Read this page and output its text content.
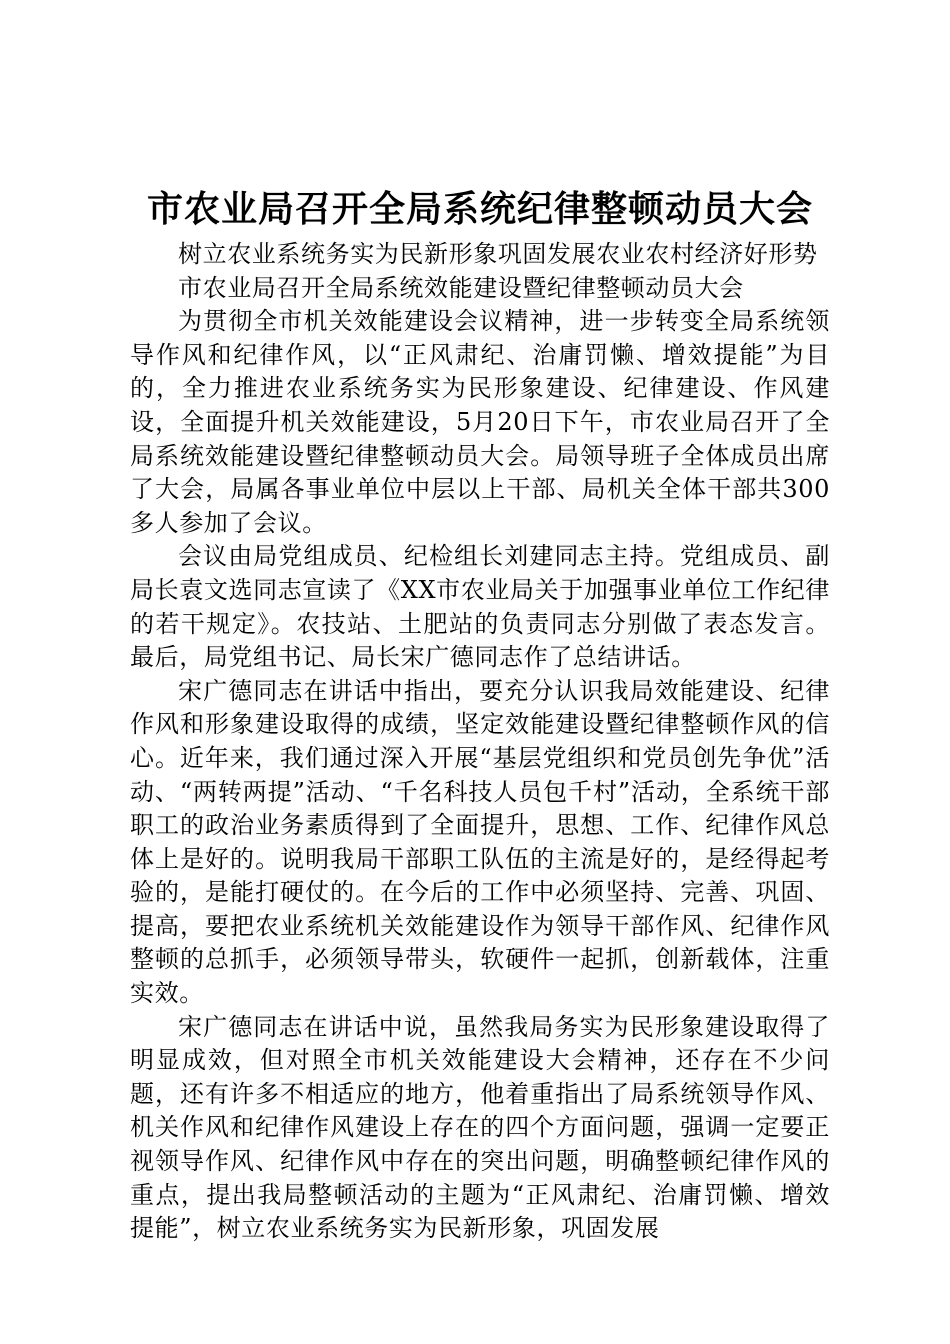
市农业局召开全局系统纪律整顿动员大会

树立农业系统务实为民新形象巩固发展农业农村经济好形势

市农业局召开全局系统效能建设暨纪律整顿动员大会

为贯彻全市机关效能建设会议精神，进一步转变全局系统领导作风和纪律作风，以“正风肃纪、治庸罚懒、增效提能”为目的，全力推进农业系统务实为民形象建设、纪律建设、作风建设，全面提升机关效能建设，5月20日下午，市农业局召开了全局系统效能建设暨纪律整顿动员大会。局领导班子全体成员出席了大会，局属各事业单位中层以上干部、局机关全体干部共300多人参加了会议。

会议由局党组成员、纪检组长刘建同志主持。党组成员、副局长袁文选同志宣读了《XX市农业局关于加强事业单位工作纪律的若干规定》。农技站、土肥站的负责同志分别做了表态发言。最后，局党组书记、局长宋广德同志作了总结讲话。

宋广德同志在讲话中指出，要充分认识我局效能建设、纪律作风和形象建设取得的成绩，坚定效能建设暨纪律整顿作风的信心。近年来，我们通过深入开展“基层党组织和党员创先争优”活动、“两转两提”活动、“千名科技人员包千村”活动，全系统干部职工的政治业务素质得到了全面提升，思想、工作、纪律作风总体上是好的。说明我局干部职工队伍的主流是好的，是经得起考验的，是能打硬仗的。在今后的工作中必须坚持、完善、巩固、提高，要把农业系统机关效能建设作为领导干部作风、纪律作风整顿的总抓手，必须领导带头，软硬件一起抓，创新载体，注重实效。

宋广德同志在讲话中说，虽然我局务实为民形象建设取得了明显成效，但对照全市机关效能建设大会精神，还存在不少问题，还有许多不相适应的地方，他着重指出了局系统领导作风、机关作风和纪律作风建设上存在的四个方面问题，强调一定要正视领导作风、纪律作风中存在的突出问题，明确整顿纪律作风的重点，提出我局整顿活动的主题为“正风肃纪、治庸罚懒、增效提能”，树立农业系统务实为民新形象，巩固发展
